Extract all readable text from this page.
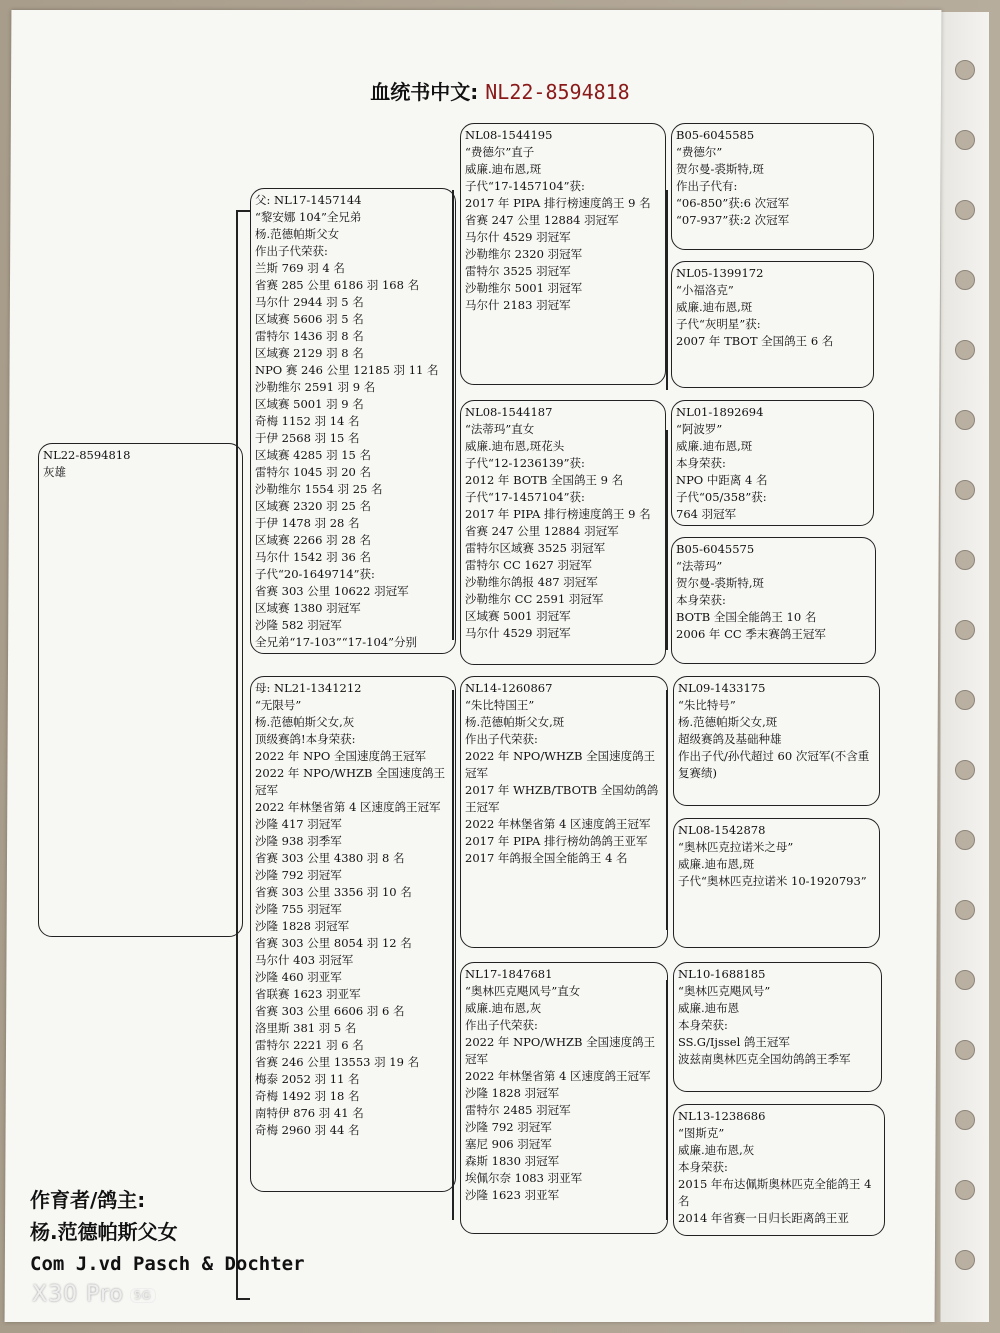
血统书中文: NL22-8594818
NL22-8594818
灰雄
父: NL17-1457144
“黎安娜 104”全兄弟
杨.范德帕斯父女
作出子代荣获:
兰斯 769 羽 4 名
省赛 285 公里 6186 羽 168 名
马尔什 2944 羽 5 名
区域赛 5606 羽 5 名
雷特尔 1436 羽 8 名
区域赛 2129 羽 8 名
NPO 赛 246 公里 12185 羽 11 名
沙勒维尔 2591 羽 9 名
区域赛 5001 羽 9 名
奇梅 1152 羽 14 名
于伊 2568 羽 15 名
区域赛 4285 羽 15 名
雷特尔 1045 羽 20 名
沙勒维尔 1554 羽 25 名
区域赛 2320 羽 25 名
于伊 1478 羽 28 名
区域赛 2266 羽 28 名
马尔什 1542 羽 36 名
子代“20-1649714”获:
省赛 303 公里 10622 羽冠军
区域赛 1380 羽冠军
沙隆 582 羽冠军
全兄弟“17-103”“17-104”分别
母: NL21-1341212
“无限号”
杨.范德帕斯父女,灰
顶级赛鸽!本身荣获:
2022 年 NPO 全国速度鸽王冠军
2022 年 NPO/WHZB 全国速度鸽王冠军
2022 年林堡省第 4 区速度鸽王冠军
沙隆 417 羽冠军
沙隆 938 羽季军
省赛 303 公里 4380 羽 8 名
沙隆 792 羽冠军
省赛 303 公里 3356 羽 10 名
沙隆 755 羽冠军
沙隆 1828 羽冠军
省赛 303 公里 8054 羽 12 名
马尔什 403 羽冠军
沙隆 460 羽亚军
省联赛 1623 羽亚军
省赛 303 公里 6606 羽 6 名
洛里斯 381 羽 5 名
雷特尔 2221 羽 6 名
省赛 246 公里 13553 羽 19 名
梅泰 2052 羽 11 名
奇梅 1492 羽 18 名
南特伊 876 羽 41 名
奇梅 2960 羽 44 名
NL08-1544195
“费德尔”直子
威廉.迪布恩,斑
子代“17-1457104”获:
2017 年 PIPA 排行榜速度鸽王 9 名
省赛 247 公里 12884 羽冠军
马尔什 4529 羽冠军
沙勒维尔 2320 羽冠军
雷特尔 3525 羽冠军
沙勒维尔 5001 羽冠军
马尔什 2183 羽冠军
NL08-1544187
“法蒂玛”直女
威廉.迪布恩,斑花头
子代“12-1236139”获:
2012 年 BOTB 全国鸽王 9 名
子代“17-1457104”获:
2017 年 PIPA 排行榜速度鸽王 9 名
省赛 247 公里 12884 羽冠军
雷特尔区域赛 3525 羽冠军
雷特尔 CC 1627 羽冠军
沙勒维尔鸽报 487 羽冠军
沙勒维尔 CC 2591 羽冠军
区域赛 5001 羽冠军
马尔什 4529 羽冠军
NL14-1260867
“朱比特国王”
杨.范德帕斯父女,斑
作出子代荣获:
2022 年 NPO/WHZB 全国速度鸽王冠军
2017 年 WHZB/TBOTB 全国幼鸽鸽王冠军
2022 年林堡省第 4 区速度鸽王冠军
2017 年 PIPA 排行榜幼鸽鸽王亚军
2017 年鸽报全国全能鸽王 4 名
NL17-1847681
“奥林匹克飓风号”直女
威廉.迪布恩,灰
作出子代荣获:
2022 年 NPO/WHZB 全国速度鸽王冠军
2022 年林堡省第 4 区速度鸽王冠军
沙隆 1828 羽冠军
雷特尔 2485 羽冠军
沙隆 792 羽冠军
塞尼 906 羽冠军
森斯 1830 羽冠军
埃佩尔奈 1083 羽亚军
沙隆 1623 羽亚军
B05-6045585
“费德尔”
贺尔曼-裘斯特,斑
作出子代有:
“06-850”获:6 次冠军
“07-937”获:2 次冠军
NL05-1399172
“小福洛克”
威廉.迪布恩,斑
子代“灰明星”获:
2007 年 TBOT 全国鸽王 6 名
NL01-1892694
“阿波罗”
威廉.迪布恩,斑
本身荣获:
NPO 中距离 4 名
子代“05/358”获:
764 羽冠军
B05-6045575
“法蒂玛”
贺尔曼-裘斯特,斑
本身荣获:
BOTB 全国全能鸽王 10 名
2006 年 CC 季末赛鸽王冠军
NL09-1433175
“朱比特号”
杨.范德帕斯父女,斑
超级赛鸽及基础种雄
作出子代/孙代超过 60 次冠军(不含重复赛绩)
NL08-1542878
“奥林匹克拉诺米之母”
威廉.迪布恩,斑
子代“奥林匹克拉诺米 10-1920793”
NL10-1688185
“奥林匹克飓风号”
威廉.迪布恩
本身荣获:
SS.G/Ijssel 鸽王冠军
波兹南奥林匹克全国幼鸽鸽王季军
NL13-1238686
“图斯克”
威廉.迪布恩,灰
本身荣获:
2015 年布达佩斯奥林匹克全能鸽王 4 名
2014 年省赛一日归长距离鸽王亚
作育者/鸽主:
杨.范德帕斯父女
Com J.vd Pasch & Dochter
X30 Pro 5G
